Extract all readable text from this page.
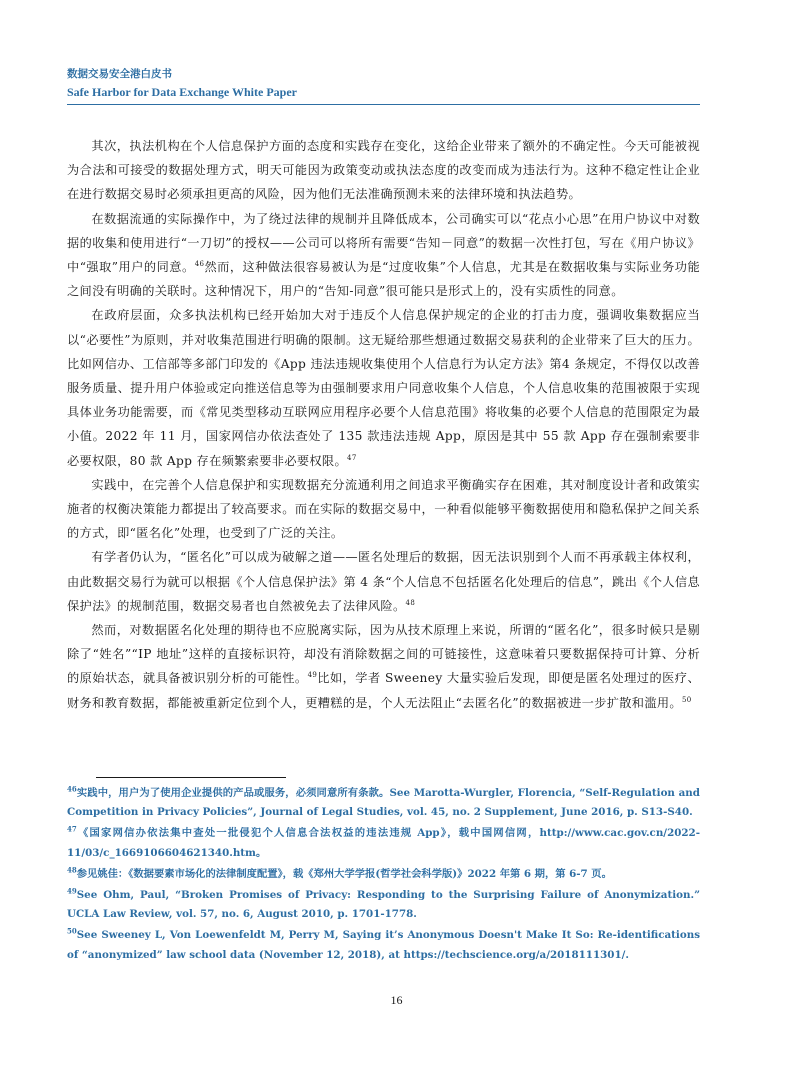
数据交易安全港白皮书
Safe Harbor for Data Exchange White Paper

其次，执法机构在个人信息保护方面的态度和实践存在变化，这给企业带来了额外的不确定性。今天可能被视为合法和可接受的数据处理方式，明天可能因为政策变动或执法态度的改变而成为违法行为。这种不稳定性让企业在进行数据交易时必须承担更高的风险，因为他们无法准确预测未来的法律环境和执法趋势。

在数据流通的实际操作中，为了绕过法律的规制并且降低成本，公司确实可以“花点小心思”在用户协议中对数据的收集和使用进行“一刀切”的授权——公司可以将所有需要“告知－同意”的数据一次性打包，写在《用户协议》中“强取”用户的同意。$^{46}$然而，这种做法很容易被认为是“过度收集”个人信息，尤其是在数据收集与实际业务功能之间没有明确的关联时。这种情况下，用户的“告知-同意”很可能只是形式上的，没有实质性的同意。

在政府层面，众多执法机构已经开始加大对于违反个人信息保护规定的企业的打击力度，强调收集数据应当以“必要性”为原则，并对收集范围进行明确的限制。这无疑给那些想通过数据交易获利的企业带来了巨大的压力。比如网信办、工信部等多部门印发的《App 违法违规收集使用个人信息行为认定方法》第4 条规定，不得仅以改善服务质量、提升用户体验或定向推送信息等为由强制要求用户同意收集个人信息，个人信息收集的范围被限于实现具体业务功能需要，而《常见类型移动互联网应用程序必要个人信息范围》将收集的必要个人信息的范围限定为最小值。2022 年 11 月，国家网信办依法查处了 135 款违法违规 App，原因是其中 55 款 App 存在强制索要非必要权限，80 款 App 存在频繁索要非必要权限。$^{47}$

实践中，在完善个人信息保护和实现数据充分流通利用之间追求平衡确实存在困难，其对制度设计者和政策实施者的权衡决策能力都提出了较高要求。而在实际的数据交易中，一种看似能够平衡数据使用和隐私保护之间关系的方式，即“匿名化”处理，也受到了广泛的关注。

有学者仍认为，“匿名化”可以成为破解之道——匿名处理后的数据，因无法识别到个人而不再承载主体权利，由此数据交易行为就可以根据《个人信息保护法》第 4 条“个人信息不包括匿名化处理后的信息”，跳出《个人信息保护法》的规制范围，数据交易者也自然被免去了法律风险。$^{48}$

然而，对数据匿名化处理的期待也不应脱离实际，因为从技术原理上来说，所谓的“匿名化”，很多时候只是剔除了“姓名”“IP 地址”这样的直接标识符，却没有消除数据之间的可链接性，这意味着只要数据保持可计算、分析的原始状态，就具备被识别分析的可能性。$^{49}$比如，学者 Sweeney 大量实验后发现，即便是匿名处理过的医疗、财务和教育数据，都能被重新定位到个人，更糟糕的是，个人无法阻止“去匿名化”的数据被进一步扩散和滥用。$^{50}$

$^{46}$实践中，用户为了使用企业提供的产品或服务，必须同意所有条款。See Marotta-Wurgler, Florencia, “Self-Regulation and Competition in Privacy Policies”, Journal of Legal Studies, vol. 45, no. 2 Supplement, June 2016, p. S13-S40.

$^{47}$《国家网信办依法集中查处一批侵犯个人信息合法权益的违法违规 App》，载中国网信网，http://www.cac.gov.cn/2022-11/03/c_1669106604621340.htm。

$^{48}$参见姚佳：《数据要素市场化的法律制度配置》，载《郑州大学学报(哲学社会科学版)》2022 年第 6 期，第 6-7 页。

$^{49}$See Ohm, Paul, “Broken Promises of Privacy: Responding to the Surprising Failure of Anonymization.” UCLA Law Review, vol. 57, no. 6, August 2010, p. 1701-1778.

$^{50}$See Sweeney L, Von Loewenfeldt M, Perry M, Saying it’s Anonymous Doesn't Make It So: Re-identifications of “anonymized” law school data (November 12, 2018), at https://techscience.org/a/2018111301/.

16
